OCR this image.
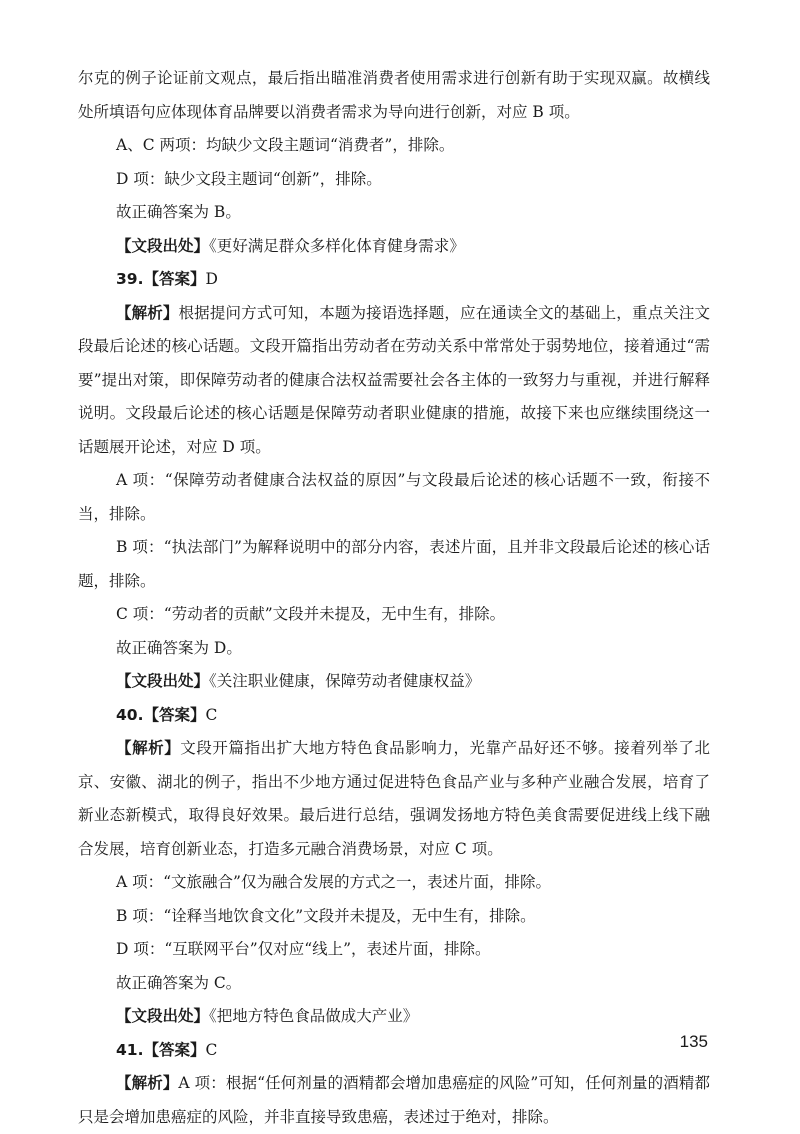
尔克的例子论证前文观点，最后指出瞄准消费者使用需求进行创新有助于实现双赢。故横线处所填语句应体现体育品牌要以消费者需求为导向进行创新，对应 B 项。

A、C 两项：均缺少文段主题词“消费者”，排除。

D 项：缺少文段主题词“创新”，排除。

故正确答案为 B。

【文段出处】《更好满足群众多样化体育健身需求》

39.【答案】D

【解析】根据提问方式可知，本题为接语选择题，应在通读全文的基础上，重点关注文段最后论述的核心话题。文段开篇指出劳动者在劳动关系中常常处于弱势地位，接着通过“需要”提出对策，即保障劳动者的健康合法权益需要社会各主体的一致努力与重视，并进行解释说明。文段最后论述的核心话题是保障劳动者职业健康的措施，故接下来也应继续围绕这一话题展开论述，对应 D 项。

A 项：“保障劳动者健康合法权益的原因”与文段最后论述的核心话题不一致，衔接不当，排除。

B 项：“执法部门”为解释说明中的部分内容，表述片面，且并非文段最后论述的核心话题，排除。

C 项：“劳动者的贡献”文段并未提及，无中生有，排除。

故正确答案为 D。

【文段出处】《关注职业健康，保障劳动者健康权益》

40.【答案】C

【解析】文段开篇指出扩大地方特色食品影响力，光靠产品好还不够。接着列举了北京、安徽、湖北的例子，指出不少地方通过促进特色食品产业与多种产业融合发展，培育了新业态新模式，取得良好效果。最后进行总结，强调发扬地方特色美食需要促进线上线下融合发展，培育创新业态，打造多元融合消费场景，对应 C 项。

A 项：“文旅融合”仅为融合发展的方式之一，表述片面，排除。

B 项：“诠释当地饮食文化”文段并未提及，无中生有，排除。

D 项：“互联网平台”仅对应“线上”，表述片面，排除。

故正确答案为 C。

【文段出处】《把地方特色食品做成大产业》

41.【答案】C

【解析】A 项：根据“任何剂量的酒精都会增加患癌症的风险”可知，任何剂量的酒精都只是会增加患癌症的风险，并非直接导致患癌，表述过于绝对，排除。

135
